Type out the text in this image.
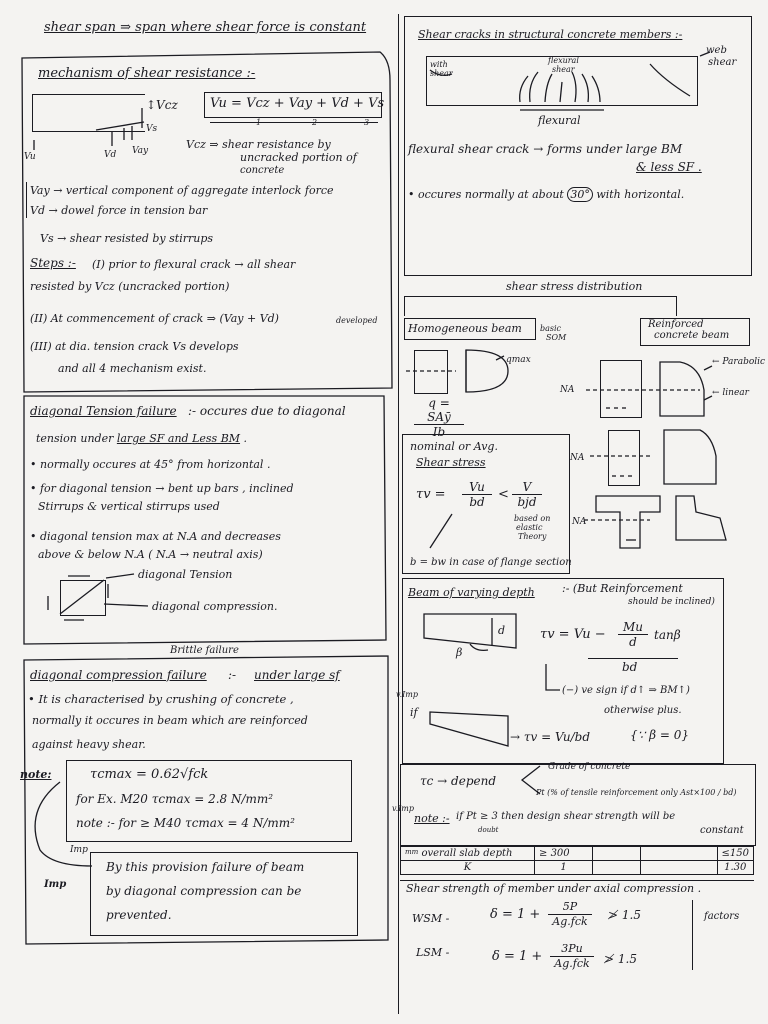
shear span ⇒ span where shear force is constant
mechanism of shear resistance :-
↕Vcz
Vs
Vu	Vd Vay
Vu = Vcz + Vay + Vd + Vs
1	2	3
Vcz ⇒ shear resistance by
uncracked portion of
concrete
Vay → vertical component of aggregate interlock force
Vd → dowel force in tension bar
Vs → shear resisted by stirrups
Steps :- (I) prior to flexural crack → all shear
resisted by Vcz (uncracked portion)
(II) At commencement of crack ⇒ (Vay + Vd)	developed
(III) at dia. tension crack Vs develops
and all 4 mechanism exist.
diagonal Tension failure :- occures due to diagonal
tension under large SF and Less BM .
• normally occures at 45° from horizontal .
• for diagonal tension → bent up bars , inclined
Stirrups & vertical stirrups used
• diagonal tension max at N.A and decreases
above & below N.A ( N.A → neutral axis)
diagonal Tension
diagonal compression.
Brittle failure
diagonal compression failure :- under large sf
• It is characterised by crushing of concrete ,
normally it occures in beam which are reinforced
against heavy shear.
note:	τcmax = 0.62√fck
for Ex. M20 τcmax = 2.8 N/mm²
note :- for ≥ M40 τcmax = 4 N/mm²
Imp
Imp
By this provision failure of beam
by diagonal compression can be
prevented.
Shear cracks in structural concrete members :-
with
shear
flexural
shear
web
shear
flexural
flexural shear crack → forms under large BM
& less SF .
• occures normally at about 30° with horizontal.
shear stress distribution
Homogeneous beam basic
SOM
Reinforced
concrete beam
qmax
q = SAȳ
Ib
← Parabolic
← linear
NA
NA
NA
nominal or Avg.
Shear stress
$\tau v = \frac{Vu}{bd}$ <	V
bjd
based on
elastic
Theory
b = bw in case of flange section
Beam of varying depth :- (But Reinforcement
should be inclined)
d
β
$\tau v = Vu - \frac{Mu}{d}$ tanβ
bd
(−) ve sign if d↑ ⇒ BM↑)
otherwise plus.
v.Imp
if
→ τv = Vu/bd	{∵ β = 0}
τc → depend
Grade of concrete
Pt (% of tensile reinforcement only Ast×100 / bd)
v.Imp
note :- if Pt ≥ 3 then design shear strength will be
constant
doubt
$^{mm}$ overall slab depth	≥ 300			≤150
K	1			1.30
Shear strength of member under axial compression .
WSM -	δ = 1 +
5P
Ag.fck	≯ 1.5
LSM -	δ = 1 +
3Pu
Ag.fck	≯ 1.5
factors
